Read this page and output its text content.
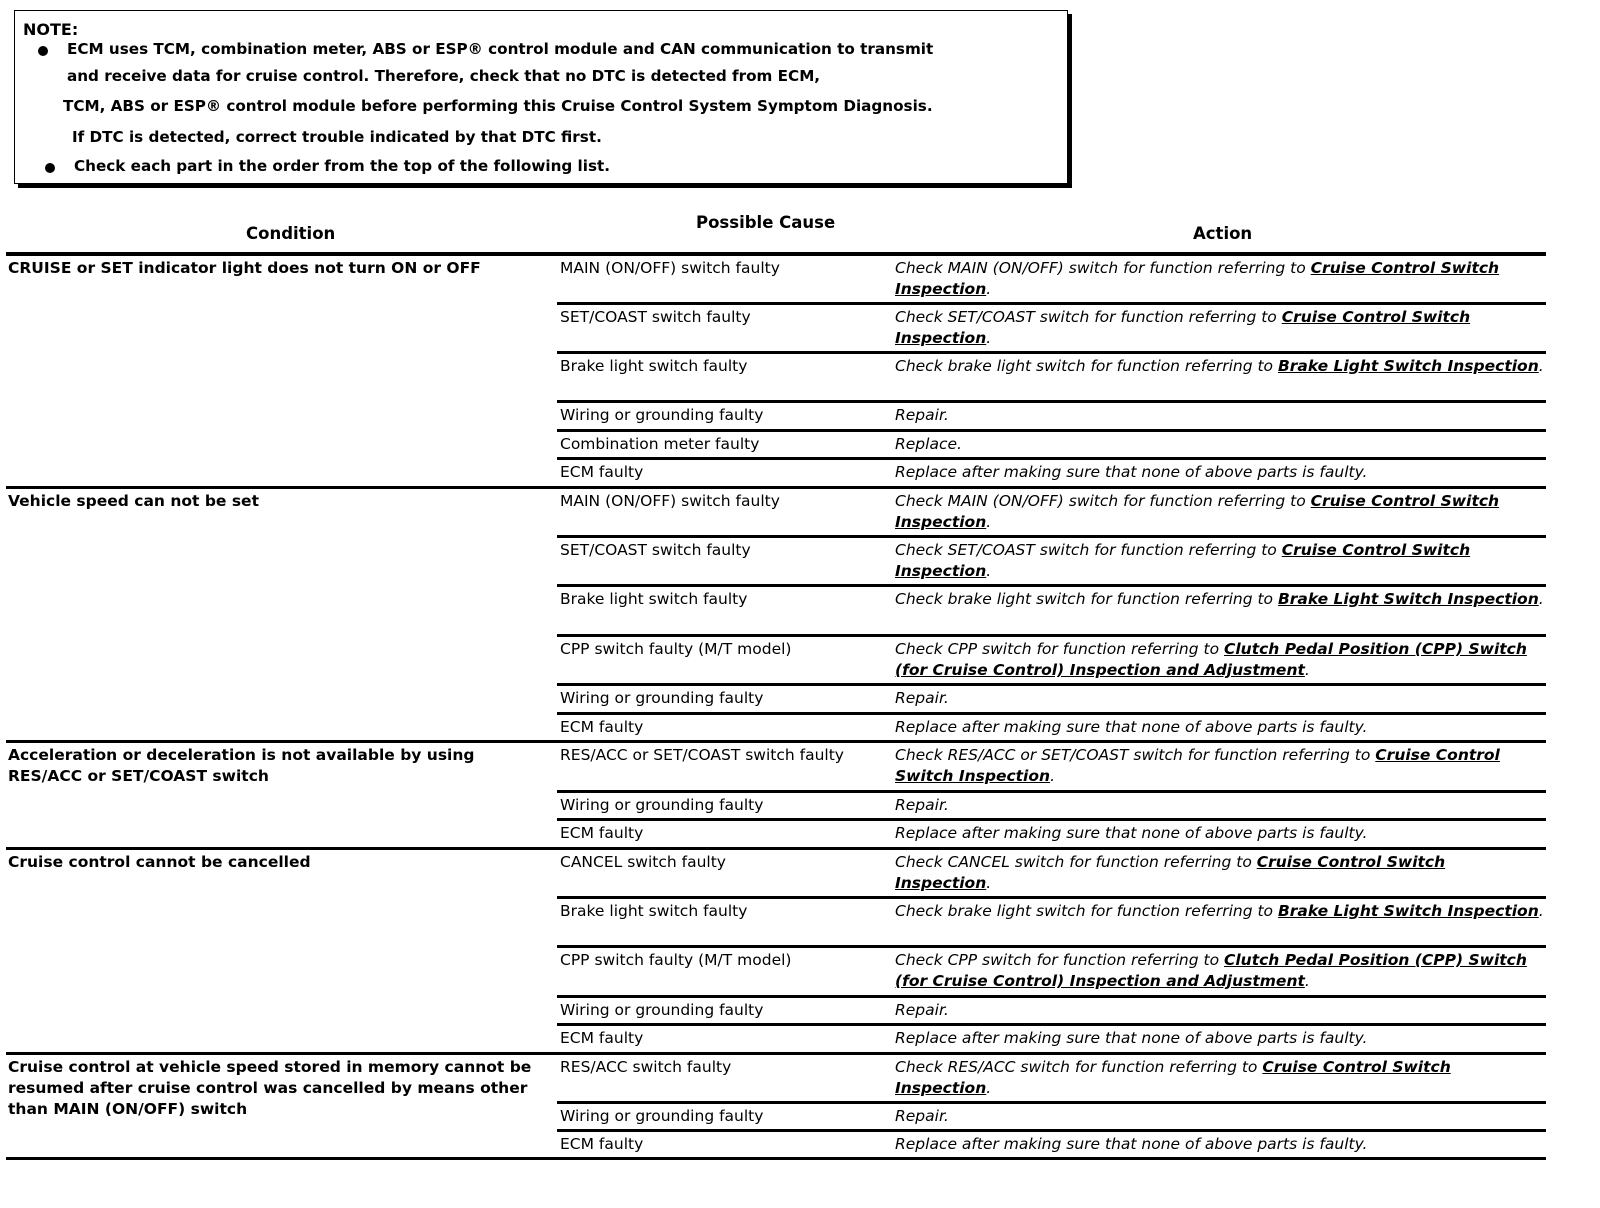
NOTE:
ECM uses TCM, combination meter, ABS or ESP® control module and CAN communication to transmit
and receive data for cruise control. Therefore, check that no DTC is detected from ECM,
TCM, ABS or ESP® control module before performing this Cruise Control System Symptom Diagnosis.
If DTC is detected, correct trouble indicated by that DTC first.
Check each part in the order from the top of the following list.
Condition
Possible Cause
Action
CRUISE or SET indicator light does not turn ON or OFF	MAIN (ON/OFF) switch faulty	Check MAIN (ON/OFF) switch for function referring to Cruise Control Switch Inspection.
SET/COAST switch faulty	Check SET/COAST switch for function referring to Cruise Control Switch Inspection.
Brake light switch faulty	Check brake light switch for function referring to Brake Light Switch Inspection.
Wiring or grounding faulty	Repair.
Combination meter faulty	Replace.
ECM faulty	Replace after making sure that none of above parts is faulty.
Vehicle speed can not be set	MAIN (ON/OFF) switch faulty	Check MAIN (ON/OFF) switch for function referring to Cruise Control Switch Inspection.
SET/COAST switch faulty	Check SET/COAST switch for function referring to Cruise Control Switch Inspection.
Brake light switch faulty	Check brake light switch for function referring to Brake Light Switch Inspection.
CPP switch faulty (M/T model)	Check CPP switch for function referring to Clutch Pedal Position (CPP) Switch (for Cruise Control) Inspection and Adjustment.
Wiring or grounding faulty	Repair.
ECM faulty	Replace after making sure that none of above parts is faulty.
Acceleration or deceleration is not available by using RES/ACC or SET/COAST switch
RES/ACC or SET/COAST switch faulty	Check RES/ACC or SET/COAST switch for function referring to Cruise Control Switch Inspection.
Wiring or grounding faulty	Repair.
ECM faulty	Replace after making sure that none of above parts is faulty.
Cruise control cannot be cancelled	CANCEL switch faulty	Check CANCEL switch for function referring to Cruise Control Switch Inspection.
Brake light switch faulty	Check brake light switch for function referring to Brake Light Switch Inspection.
CPP switch faulty (M/T model)	Check CPP switch for function referring to Clutch Pedal Position (CPP) Switch (for Cruise Control) Inspection and Adjustment.
Wiring or grounding faulty	Repair.
ECM faulty	Replace after making sure that none of above parts is faulty.
Cruise control at vehicle speed stored in memory cannot be resumed after cruise control was cancelled by means other than MAIN (ON/OFF) switch
RES/ACC switch faulty	Check RES/ACC switch for function referring to Cruise Control Switch Inspection.
Wiring or grounding faulty	Repair.
ECM faulty	Replace after making sure that none of above parts is faulty.
